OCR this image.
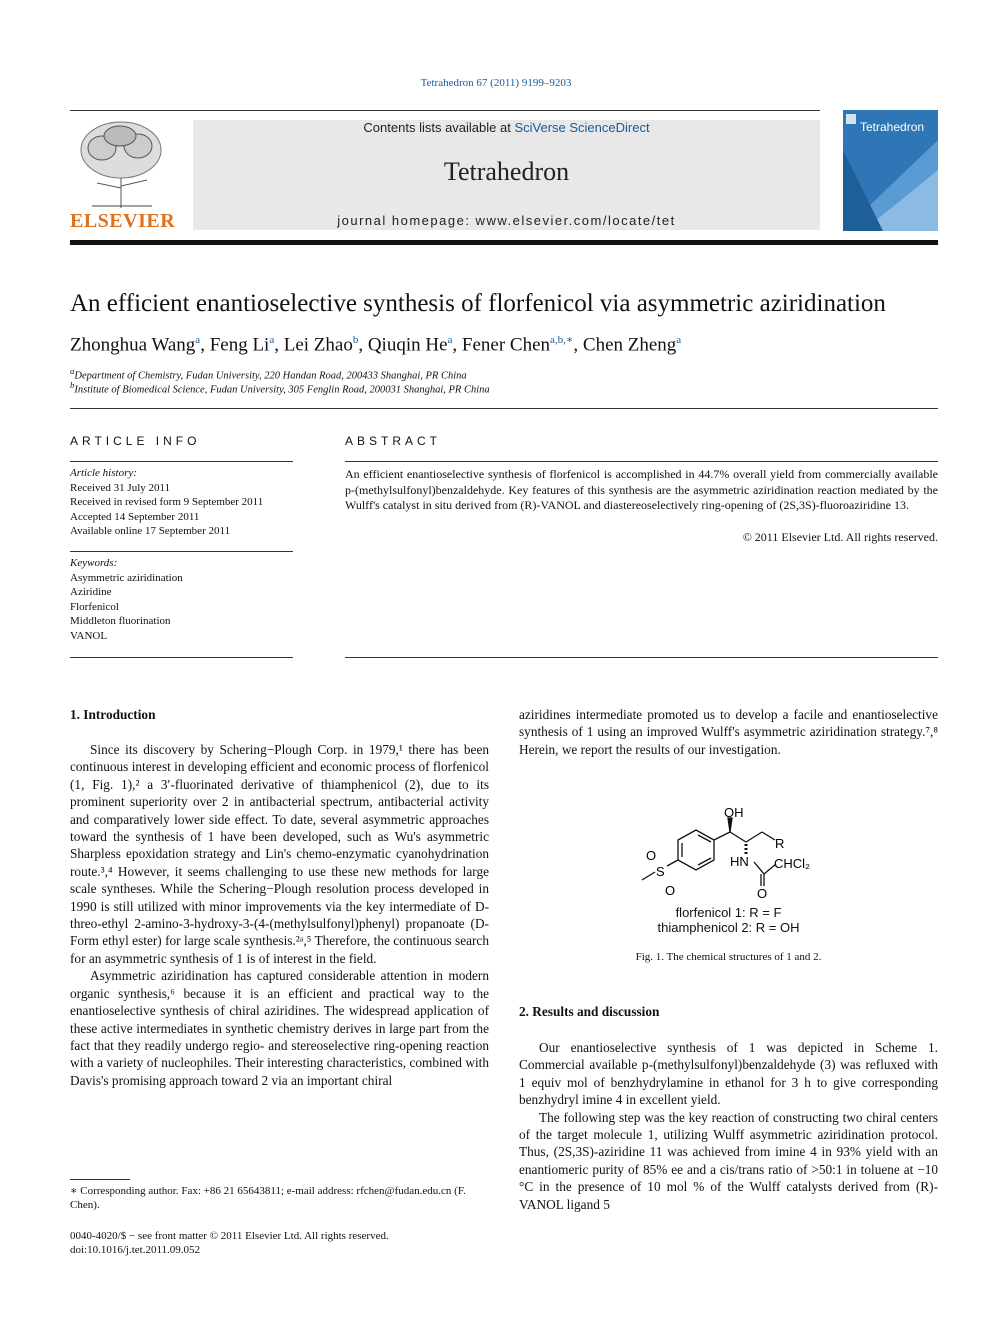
Tetrahedron 67 (2011) 9199–9203
ELSEVIER
Contents lists available at SciVerse ScienceDirect
Tetrahedron
journal homepage: www.elsevier.com/locate/tet
Tetrahedron
An efficient enantioselective synthesis of florfenicol via asymmetric aziridination
Zhonghua Wang$^a$, Feng Li$^a$, Lei Zhao$^b$, Qiuqin He$^a$, Fener Chen$^{a,b,∗}$, Chen Zheng$^a$
$^a$Department of Chemistry, Fudan University, 220 Handan Road, 200433 Shanghai, PR China
$^b$Institute of Biomedical Science, Fudan University, 305 Fenglin Road, 200031 Shanghai, PR China
ARTICLE INFO
Article history:
Received 31 July 2011
Received in revised form 9 September 2011
Accepted 14 September 2011
Available online 17 September 2011
Keywords:
Asymmetric aziridination
Aziridine
Florfenicol
Middleton fluorination
VANOL
ABSTRACT
An efficient enantioselective synthesis of florfenicol is accomplished in 44.7% overall yield from commercially available p-(methylsulfonyl)benzaldehyde. Key features of this synthesis are the asymmetric aziridination reaction mediated by the Wulff's catalyst in situ derived from (R)-VANOL and diastereoselectively ring-opening of (2S,3S)-fluoroaziridine 13.
© 2011 Elsevier Ltd. All rights reserved.
1. Introduction

Since its discovery by Schering−Plough Corp. in 1979,¹ there has been continuous interest in developing efficient and economic process of florfenicol (1, Fig. 1),² a 3′-fluorinated derivative of thiamphenicol (2), due to its prominent superiority over 2 in antibacterial spectrum, antibacterial activity and comparatively lower side effect. To date, several asymmetric approaches toward the synthesis of 1 have been developed, such as Wu's asymmetric Sharpless epoxidation strategy and Lin's chemo-enzymatic cyanohydrination route.³,⁴ However, it seems challenging to use these new methods for large scale syntheses. While the Schering−Plough resolution process developed in 1990 is still utilized with minor improvements via the key intermediate of D-threo-ethyl 2-amino-3-hydroxy-3-(4-(methylsulfonyl)phenyl) propanoate (D-Form ethyl ester) for large scale synthesis.²ᵃ,⁵ Therefore, the continuous search for an asymmetric synthesis of 1 is of interest in the field.

Asymmetric aziridination has captured considerable attention in modern organic synthesis,⁶ because it is an efficient and practical way to the enantioselective synthesis of chiral aziridines. The widespread application of these active intermediates in synthetic chemistry derives in large part from the fact that they readily undergo regio- and stereoselective ring-opening reaction with a variety of nucleophiles. Their interesting characteristics, combined with Davis's promising approach toward 2 via an important chiral

aziridines intermediate promoted us to develop a facile and enantioselective synthesis of 1 using an improved Wulff's asymmetric aziridination strategy.⁷,⁸ Herein, we report the results of our investigation.

OH
R
HN CHCl₂
O
S
O
O
florfenicol 1: R = F
thiamphenicol 2: R = OH
Fig. 1. The chemical structures of 1 and 2.
2. Results and discussion

Our enantioselective synthesis of 1 was depicted in Scheme 1. Commercial available p-(methylsulfonyl)benzaldehyde (3) was refluxed with 1 equiv mol of benzhydrylamine in ethanol for 3 h to give corresponding benzhydryl imine 4 in excellent yield.

The following step was the key reaction of constructing two chiral centers of the target molecule 1, utilizing Wulff asymmetric aziridination protocol. Thus, (2S,3S)-aziridine 11 was achieved from imine 4 in 93% yield with an enantiomeric purity of 85% ee and a cis/trans ratio of >50:1 in toluene at −10 °C in the presence of 10 mol % of the Wulff catalysts derived from (R)-VANOL ligand 5

∗ Corresponding author. Fax: +86 21 65643811; e-mail address: rfchen@fudan.edu.cn (F. Chen).
0040-4020/$ − see front matter © 2011 Elsevier Ltd. All rights reserved.
doi:10.1016/j.tet.2011.09.052
